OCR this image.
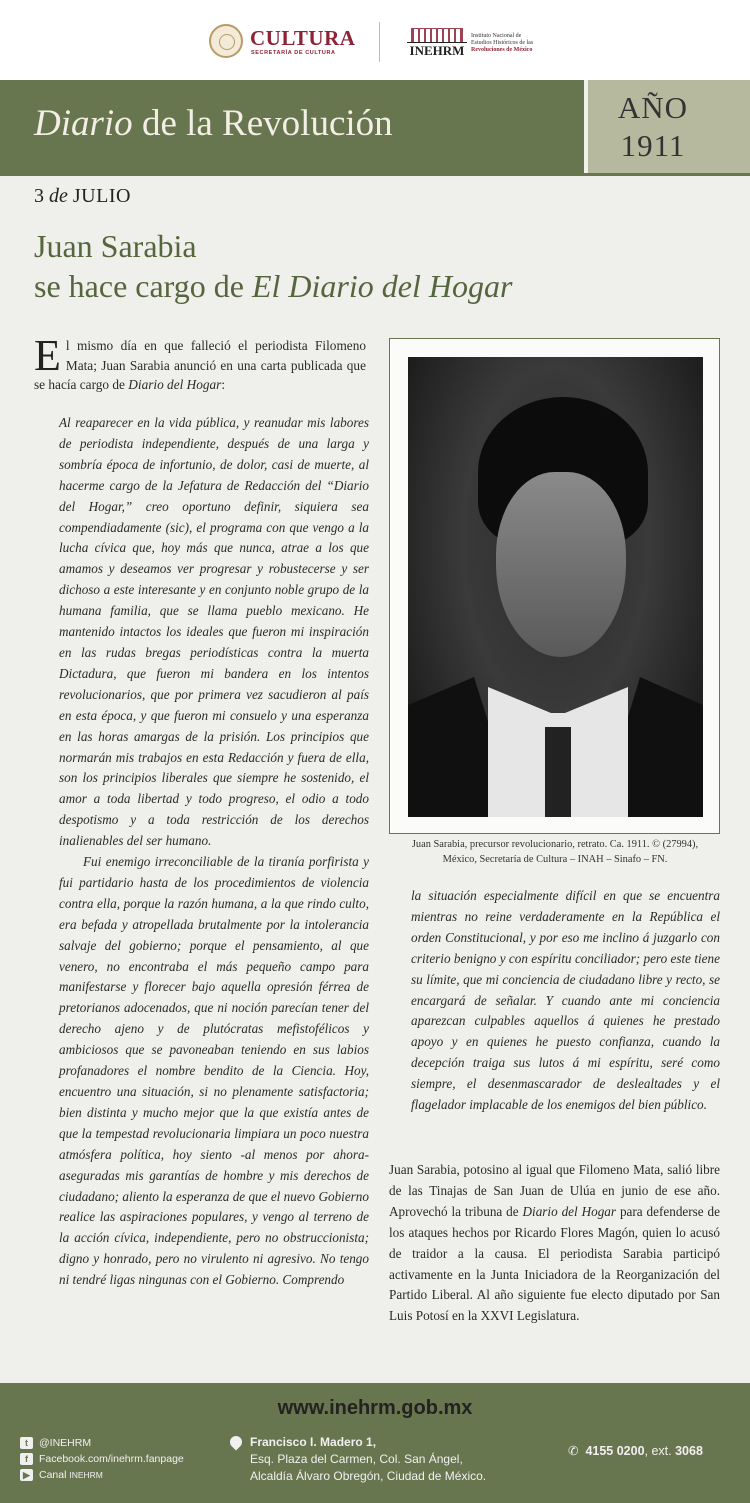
CULTURA
SECRETARÍA DE CULTURA	INEHRM
Instituto Nacional de
Estudios Históricos de las
Revoluciones de México
Diario de la Revolución	AÑO
1911
3 de JULIO
Juan Sarabia
se hace cargo de El Diario del Hogar
El mismo día en que falleció el periodista Filomeno Mata; Juan Sarabia anunció en una carta publicada que se hacía cargo de Diario del Hogar:

Al reaparecer en la vida pública, y reanudar mis labores de periodista independiente, después de una larga y sombría época de infortunio, de dolor, casi de muerte, al hacerme cargo de la Jefatura de Redacción del “Diario del Hogar,” creo oportuno definir, siquiera sea compendiadamente (sic), el programa con que vengo a la lucha cívica que, hoy más que nunca, atrae a los que amamos y deseamos ver progresar y robustecerse y ser dichoso a este interesante y en conjunto noble grupo de la humana familia, que se llama pueblo mexicano. He mantenido intactos los ideales que fueron mi inspiración en las rudas bregas periodísticas contra la muerta Dictadura, que fueron mi bandera en los intentos revolucionarios, que por primera vez sacudieron al país en esta época, y que fueron mi consuelo y una esperanza en las horas amargas de la prisión. Los principios que normarán mis trabajos en esta Redacción y fuera de ella, son los principios liberales que siempre he sostenido, el amor a toda libertad y todo progreso, el odio a todo despotismo y a toda restricción de los derechos inalienables del ser humano.

Fui enemigo irreconciliable de la tiranía porfirista y fui partidario hasta de los procedimientos de violencia contra ella, porque la razón humana, a la que rindo culto, era befada y atropellada brutalmente por la intolerancia salvaje del gobierno; porque el pensamiento, al que venero, no encontraba el más pequeño campo para manifestarse y florecer bajo aquella opresión férrea de pretorianos adocenados, que ni noción parecían tener del derecho ajeno y de plutócratas mefistofélicos y ambiciosos que se pavoneaban teniendo en sus labios profanadores el nombre bendito de la Ciencia. Hoy, encuentro una situación, si no plenamente satisfactoria; bien distinta y mucho mejor que la que existía antes de que la tempestad revolucionaria limpiara un poco nuestra atmósfera política, hoy siento -al menos por ahora- aseguradas mis garantías de hombre y mis derechos de ciudadano; aliento la esperanza de que el nuevo Gobierno realice las aspiraciones populares, y vengo al terreno de la acción cívica, independiente, pero no obstruccionista; digno y honrado, pero no virulento ni agresivo. No tengo ni tendré ligas ningunas con el Gobierno. Comprendo

Juan Sarabia, precursor revolucionario, retrato. Ca. 1911. © (27994),
México, Secretaría de Cultura – INAH – Sinafo – FN.

la situación especialmente difícil en que se encuentra mientras no reine verdaderamente en la República el orden Constitucional, y por eso me inclino á juzgarlo con criterio benigno y con espíritu conciliador; pero este tiene su límite, que mi conciencia de ciudadano libre y recto, se encargará de señalar. Y cuando ante mi conciencia aparezcan culpables aquellos á quienes he prestado apoyo y en quienes he puesto confianza, cuando la decepción traiga sus lutos á mi espíritu, seré como siempre, el desenmascarador de deslealtades y el flagelador implacable de los enemigos del bien público.

Juan Sarabia, potosino al igual que Filomeno Mata, salió libre de las Tinajas de San Juan de Ulúa en junio de ese año. Aprovechó la tribuna de Diario del Hogar para defenderse de los ataques hechos por Ricardo Flores Magón, quien lo acusó de traidor a la causa. El periodista Sarabia participó activamente en la Junta Iniciadora de la Reorganización del Partido Liberal. Al año siguiente fue electo diputado por San Luis Potosí en la XXVI Legislatura.
www.inehrm.gob.mx
t	@INEHRM
f	Facebook.com/inehrm.fanpage
▶ Canal
INEHRM
Francisco I. Madero 1,
Esq. Plaza del Carmen, Col. San Ángel,
Alcaldía Álvaro Obregón, Ciudad de México.
✆ 4155 0200, ext. 3068
